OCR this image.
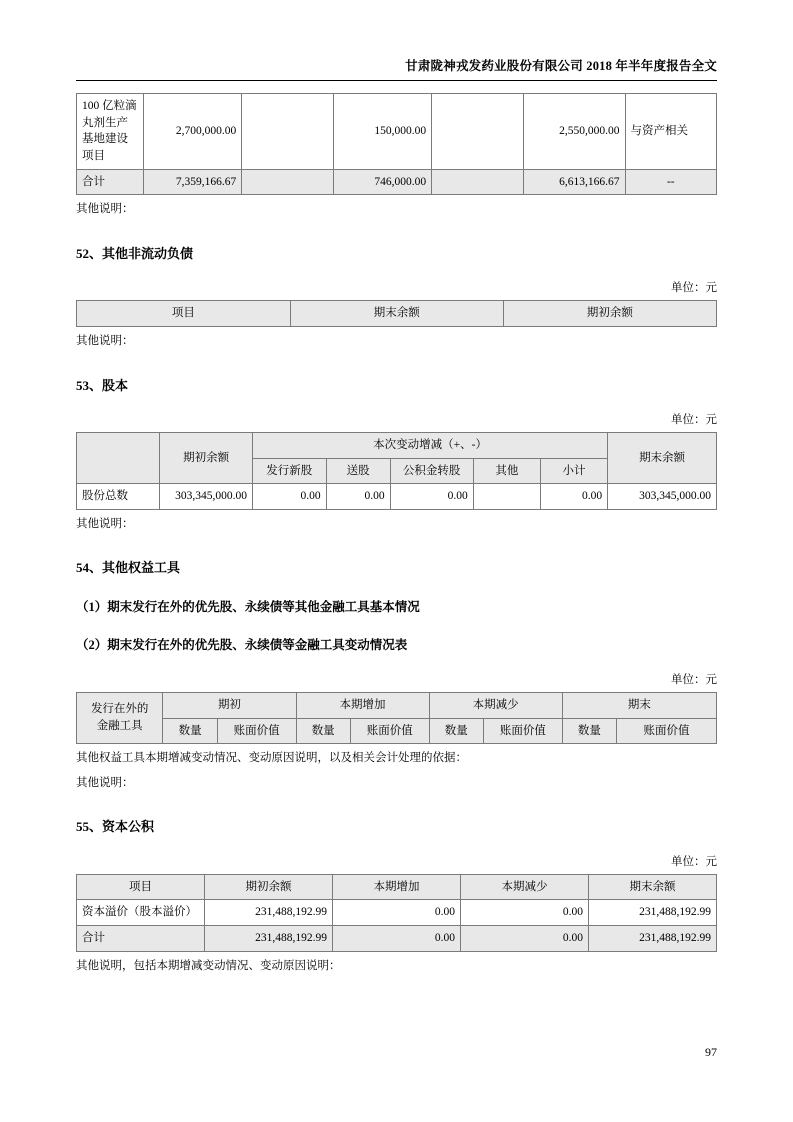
甘肃陇神戎发药业股份有限公司 2018 年半年度报告全文
100 亿粒滴丸剂生产基地建设项目	2,700,000.00		150,000.00		2,550,000.00	与资产相关
合计	7,359,166.67		746,000.00		6,613,166.67	--

其他说明：

52、其他非流动负债
单位：元
项目	期末余额	期初余额

其他说明：

53、股本
单位：元
	期初余额	本次变动增减（+、-）					期末余额
		发行新股	送股	公积金转股	其他	小计	
股份总数	303,345,000.00	0.00	0.00	0.00		0.00	303,345,000.00

其他说明：

54、其他权益工具
（1）期末发行在外的优先股、永续债等其他金融工具基本情况
（2）期末发行在外的优先股、永续债等金融工具变动情况表
单位：元
发行在外的
金融工具	期初		本期增加		本期减少		期末	
	数量	账面价值	数量	账面价值	数量	账面价值	数量	账面价值

其他权益工具本期增减变动情况、变动原因说明，以及相关会计处理的依据：

其他说明：

55、资本公积
单位：元
项目	期初余额	本期增加	本期减少	期末余额
资本溢价（股本溢价）	231,488,192.99	0.00	0.00	231,488,192.99
合计	231,488,192.99	0.00	0.00	231,488,192.99

其他说明，包括本期增减变动情况、变动原因说明：

97
